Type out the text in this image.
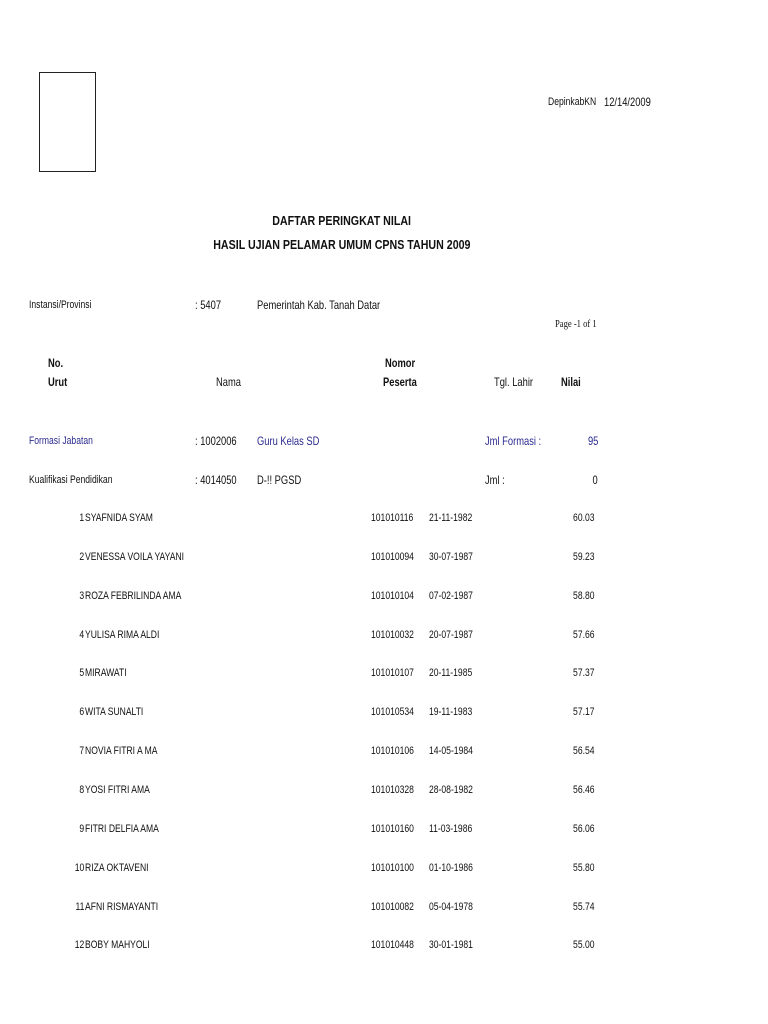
DepinkabKN 12/14/2009
DAFTAR PERINGKAT NILAI
HASIL UJIAN PELAMAR UMUM CPNS TAHUN 2009
Instansi/Provinsi	: 5407	Pemerintah Kab. Tanah Datar
Page -1 of 1
No.
Urut	Nama
Nomor
Peserta	Tgl. Lahir	Nilai
Formasi Jabatan	: 1002006	Guru Kelas SD	Jml Formasi :	95
Kualifikasi Pendidikan	: 4014050	D-!! PGSD	Jml :	0
1 SYAFNIDA SYAM	101010116	21-11-1982	60.03
2 VENESSA VOILA YAYANI	101010094	30-07-1987	59.23
3 ROZA FEBRILINDA AMA	101010104	07-02-1987	58.80
4 YULISA RIMA ALDI	101010032	20-07-1987	57.66
5 MIRAWATI	101010107	20-11-1985	57.37
6 WITA SUNALTI	101010534	19-11-1983	57.17
7 NOVIA FITRI A MA	101010106	14-05-1984	56.54
8 YOSI FITRI AMA	101010328	28-08-1982	56.46
9 FITRI DELFIA AMA	101010160	11-03-1986	56.06
10 RIZA OKTAVENI	101010100	01-10-1986	55.80
11 AFNI RISMAYANTI	101010082	05-04-1978	55.74
12 BOBY MAHYOLI	101010448	30-01-1981	55.00
